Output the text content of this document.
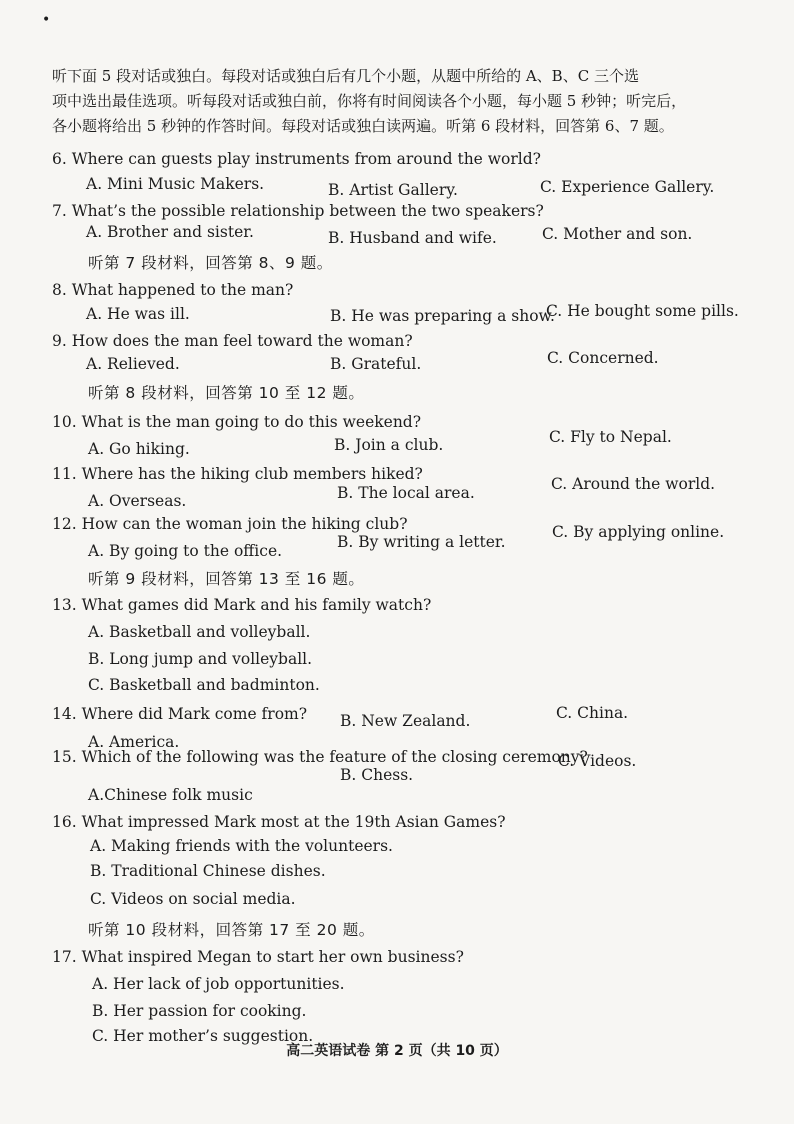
•
听下面 5 段对话或独白。每段对话或独白后有几个小题，从题中所给的 A、B、C 三个选
项中选出最佳选项。听每段对话或独白前，你将有时间阅读各个小题，每小题 5 秒钟；听完后，
各小题将给出 5 秒钟的作答时间。每段对话或独白读两遍。听第 6 段材料，回答第 6、7 题。
6. Where can guests play instruments from around the world?
A. Mini Music Makers.	B. Artist Gallery.	C. Experience Gallery.
7. What’s the possible relationship between the two speakers?
A. Brother and sister.	B. Husband and wife.	C. Mother and son.
听第 7 段材料，回答第 8、9 题。
8. What happened to the man?
A. He was ill.	B. He was preparing a show.
C. He bought some pills.
9. How does the man feel toward the woman?
A. Relieved.	B. Grateful.	C. Concerned.
听第 8 段材料，回答第 10 至 12 题。
10. What is the man going to do this weekend?
A. Go hiking.	B. Join a club.	C. Fly to Nepal.
11. Where has the hiking club members hiked?
A. Overseas.	B. The local area.	C. Around the world.
12. How can the woman join the hiking club?
A. By going to the office.	B. By writing a letter.
C. By applying online.
听第 9 段材料，回答第 13 至 16 题。
13. What games did Mark and his family watch?
A. Basketball and volleyball.
B. Long jump and volleyball.
C. Basketball and badminton.
14. Where did Mark come from?
A. America.
B. New Zealand.	C. China.
15. Which of the following was the feature of the closing ceremony?
A.Chinese folk music
B. Chess.
C. Videos.
16. What impressed Mark most at the 19th Asian Games?
A. Making friends with the volunteers.
B. Traditional Chinese dishes.
C. Videos on social media.
听第 10 段材料，回答第 17 至 20 题。
17. What inspired Megan to start her own business?
A. Her lack of job opportunities.
B. Her passion for cooking.
C. Her mother’s suggestion.
高二英语试卷 第 2 页（共 10 页）
